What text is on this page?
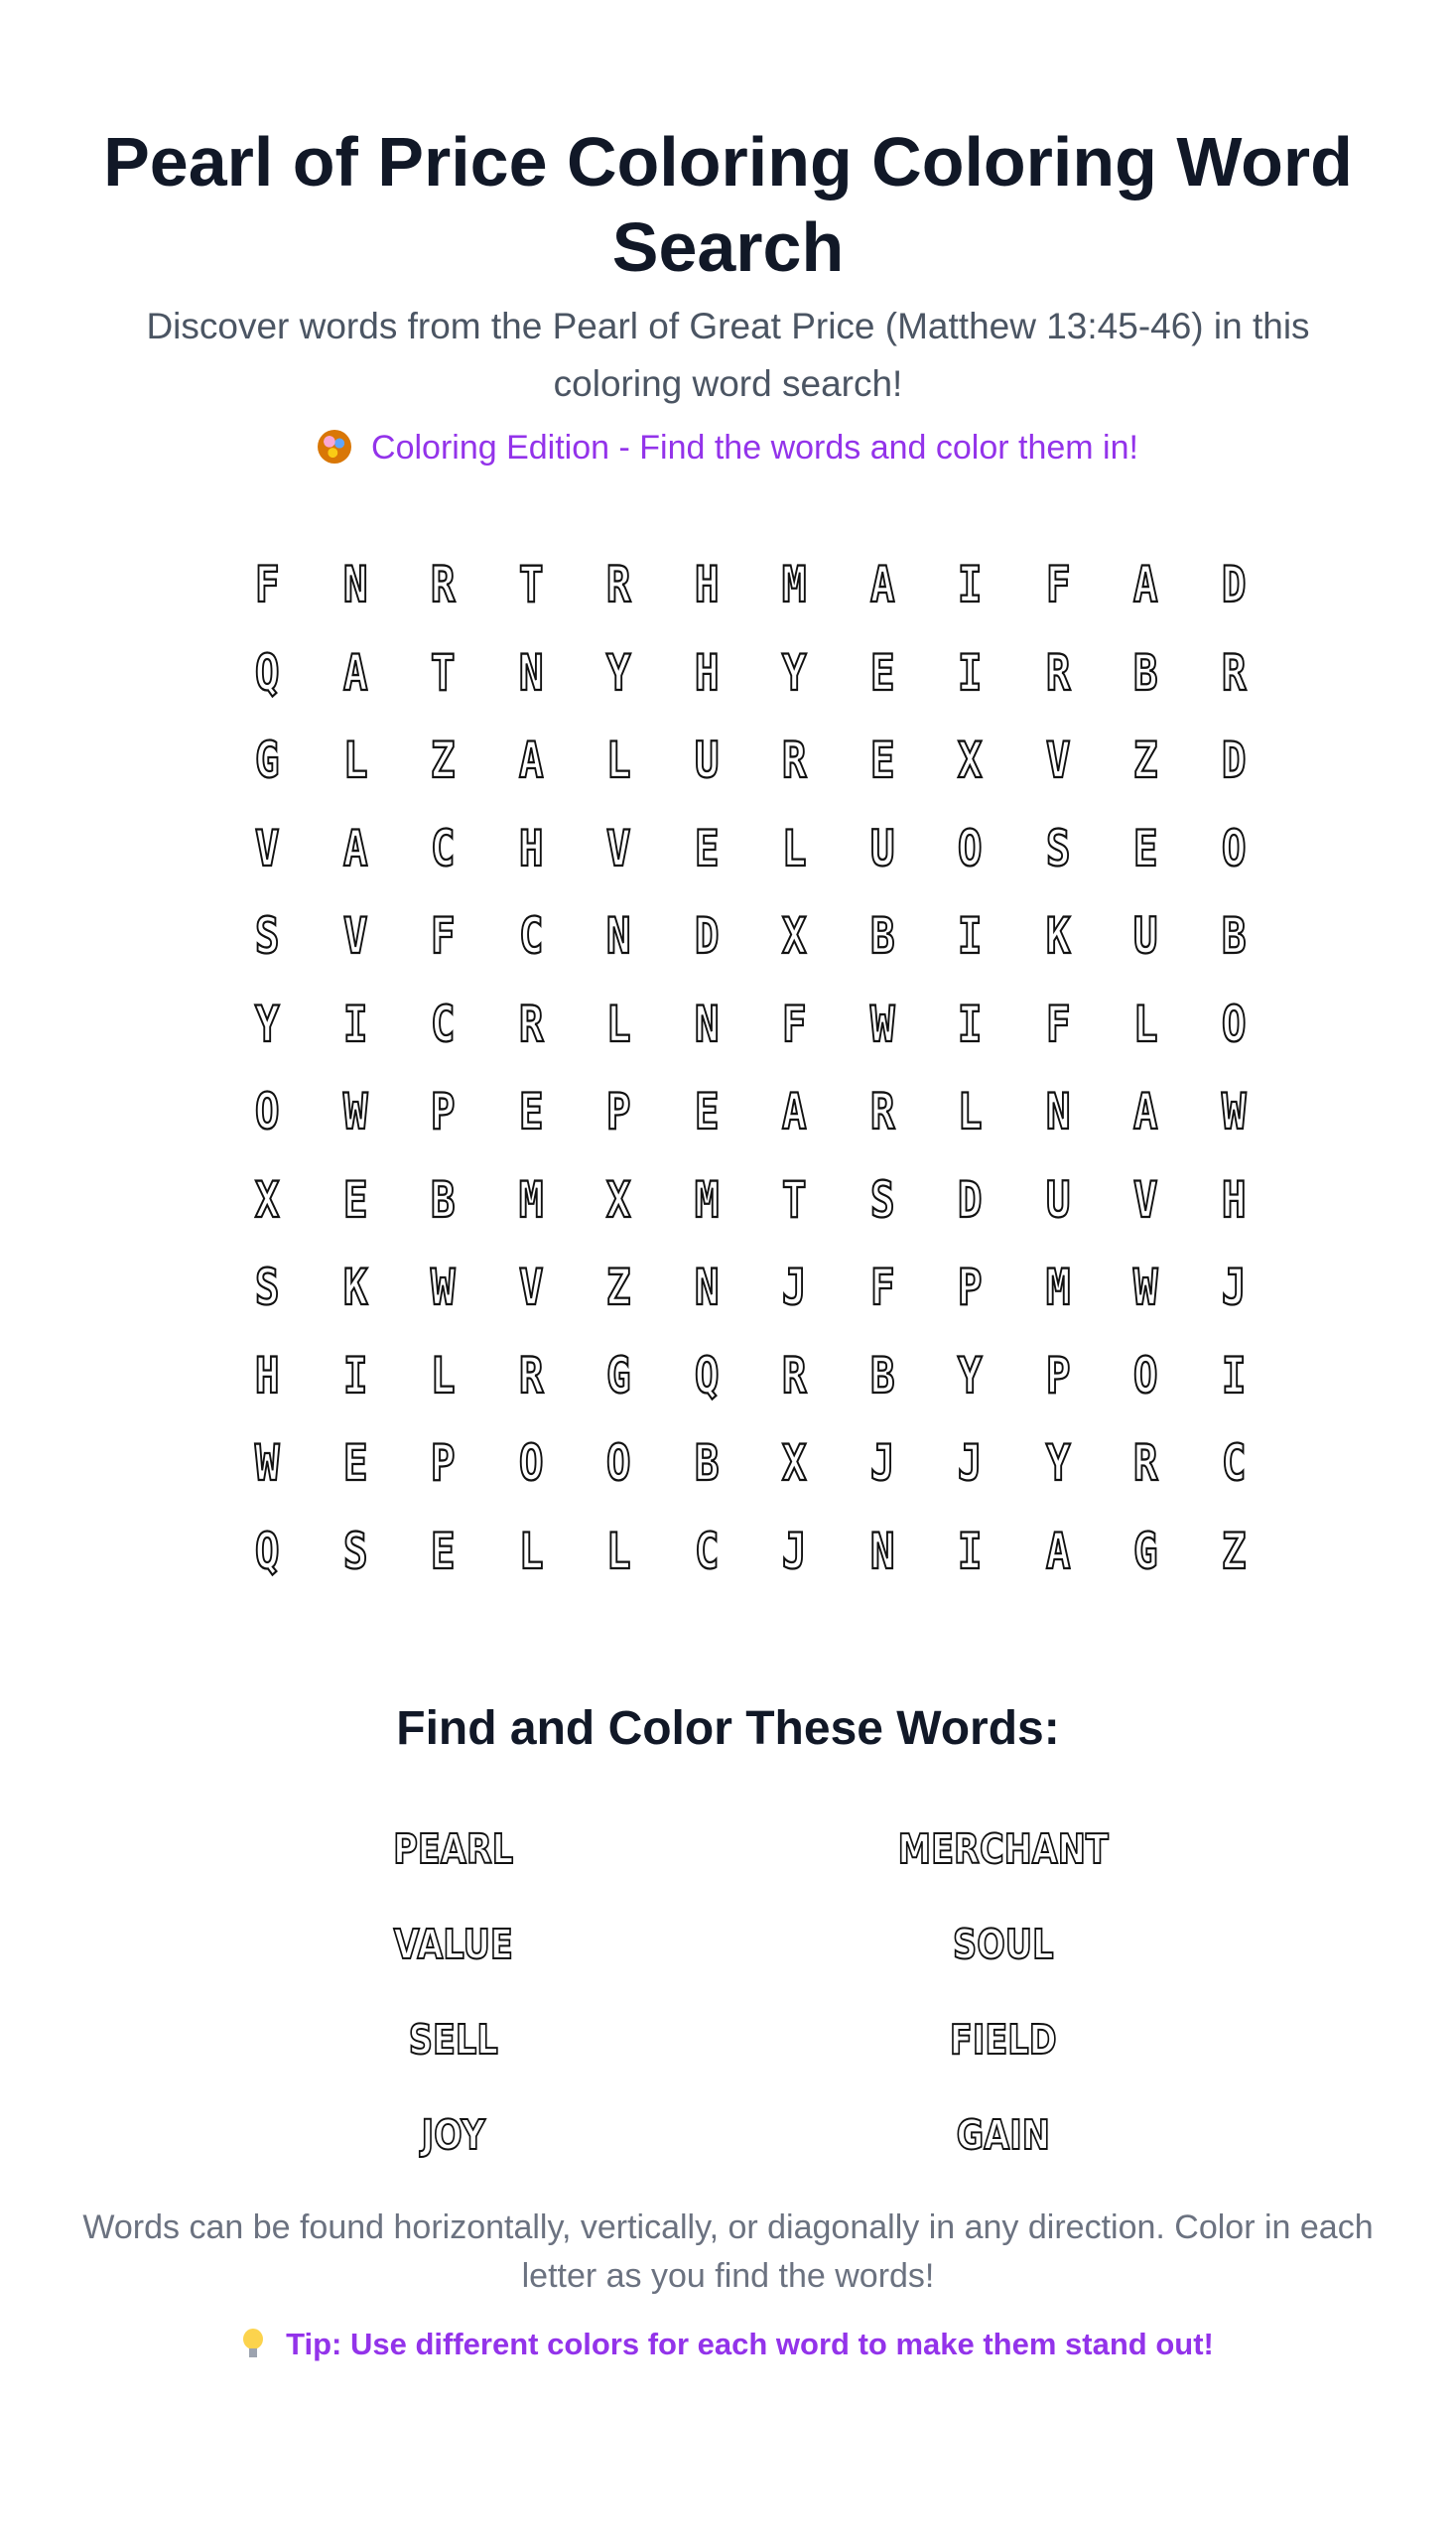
Pearl of Price Coloring Coloring Word Search

Discover words from the Pearl of Great Price (Matthew 13:45-46) in this coloring word search!

Coloring Edition - Find the words and color them in!

F	N	R	T	R	H	M	A	I	F	A	D
Q	A	T	N	Y	H	Y	E	I	R	B	R
G	L	Z	A	L	U	R	E	X	V	Z	D
V	A	C	H	V	E	L	U	O	S	E	O
S	V	F	C	N	D	X	B	I	K	U	B
Y	I	C	R	L	N	F	W	I	F	L	O
O	W	P	E	P	E	A	R	L	N	A	W
X	E	B	M	X	M	T	S	D	U	V	H
S	K	W	V	Z	N	J	F	P	M	W	J
H	I	L	R	G	Q	R	B	Y	P	O	I
W	E	P	O	O	B	X	J	J	Y	R	C
Q	S	E	L	L	C	J	N	I	A	G	Z
Find and Color These Words:
PEARL	MERCHANT
VALUE	SOUL
SELL	FIELD
JOY	GAIN

Words can be found horizontally, vertically, or diagonally in any direction. Color in each letter as you find the words!

Tip: Use different colors for each word to make them stand out!
